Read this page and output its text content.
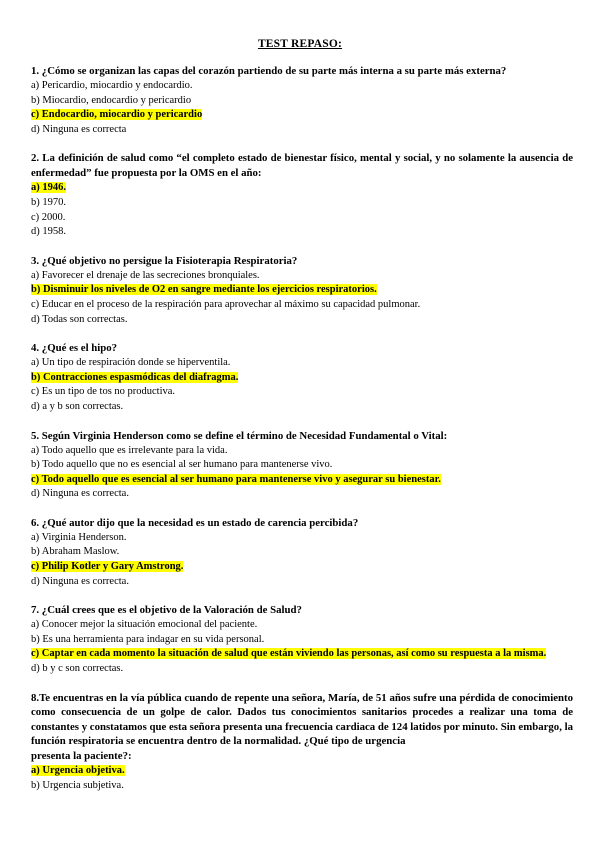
TEST REPASO:
1. ¿Cómo se organizan las capas del corazón partiendo de su parte más interna a su parte más externa?
a) Pericardio, miocardio y endocardio.
b) Miocardio, endocardio y pericardio
c) Endocardio, miocardio y pericardio
d) Ninguna es correcta
2. La definición de salud como “el completo estado de bienestar físico, mental y social, y no solamente la ausencia de enfermedad” fue propuesta por la OMS en el año:
a) 1946.
b) 1970.
c) 2000.
d) 1958.
3. ¿Qué objetivo no persigue la Fisioterapia Respiratoria?
a) Favorecer el drenaje de las secreciones bronquiales.
b) Disminuir los niveles de O2 en sangre mediante los ejercicios respiratorios.
c) Educar en el proceso de la respiración para aprovechar al máximo su capacidad pulmonar.
d) Todas son correctas.
4. ¿Qué es el hipo?
a) Un tipo de respiración donde se hiperventila.
b) Contracciones espasmódicas del diafragma.
c) Es un tipo de tos no productiva.
d) a y b son correctas.
5. Según Virginia Henderson como se define el término de Necesidad Fundamental o Vital:
a) Todo aquello que es irrelevante para la vida.
b) Todo aquello que no es esencial al ser humano para mantenerse vivo.
c) Todo aquello que es esencial al ser humano para mantenerse vivo y asegurar su bienestar.
d) Ninguna es correcta.
6. ¿Qué autor dijo que la necesidad es un estado de carencia percibida?
a) Virginia Henderson.
b) Abraham Maslow.
c) Philip Kotler y Gary Amstrong.
d) Ninguna es correcta.
7. ¿Cuál crees que es el objetivo de la Valoración de Salud?
a) Conocer mejor la situación emocional del paciente.
b) Es una herramienta para indagar en su vida personal.
c) Captar en cada momento la situación de salud que están viviendo las personas, así como su respuesta a la misma.
d) b y c son correctas.
8.Te encuentras en la vía pública cuando de repente una señora, María, de 51 años sufre una pérdida de conocimiento como consecuencia de un golpe de calor. Dados tus conocimientos sanitarios procedes a realizar una toma de constantes y constatamos que esta señora presenta una frecuencia cardiaca de 124 latidos por minuto. Sin embargo, la función respiratoria se encuentra dentro de la normalidad. ¿Qué tipo de urgencia
presenta la paciente?:
a) Urgencia objetiva.
b) Urgencia subjetiva.
